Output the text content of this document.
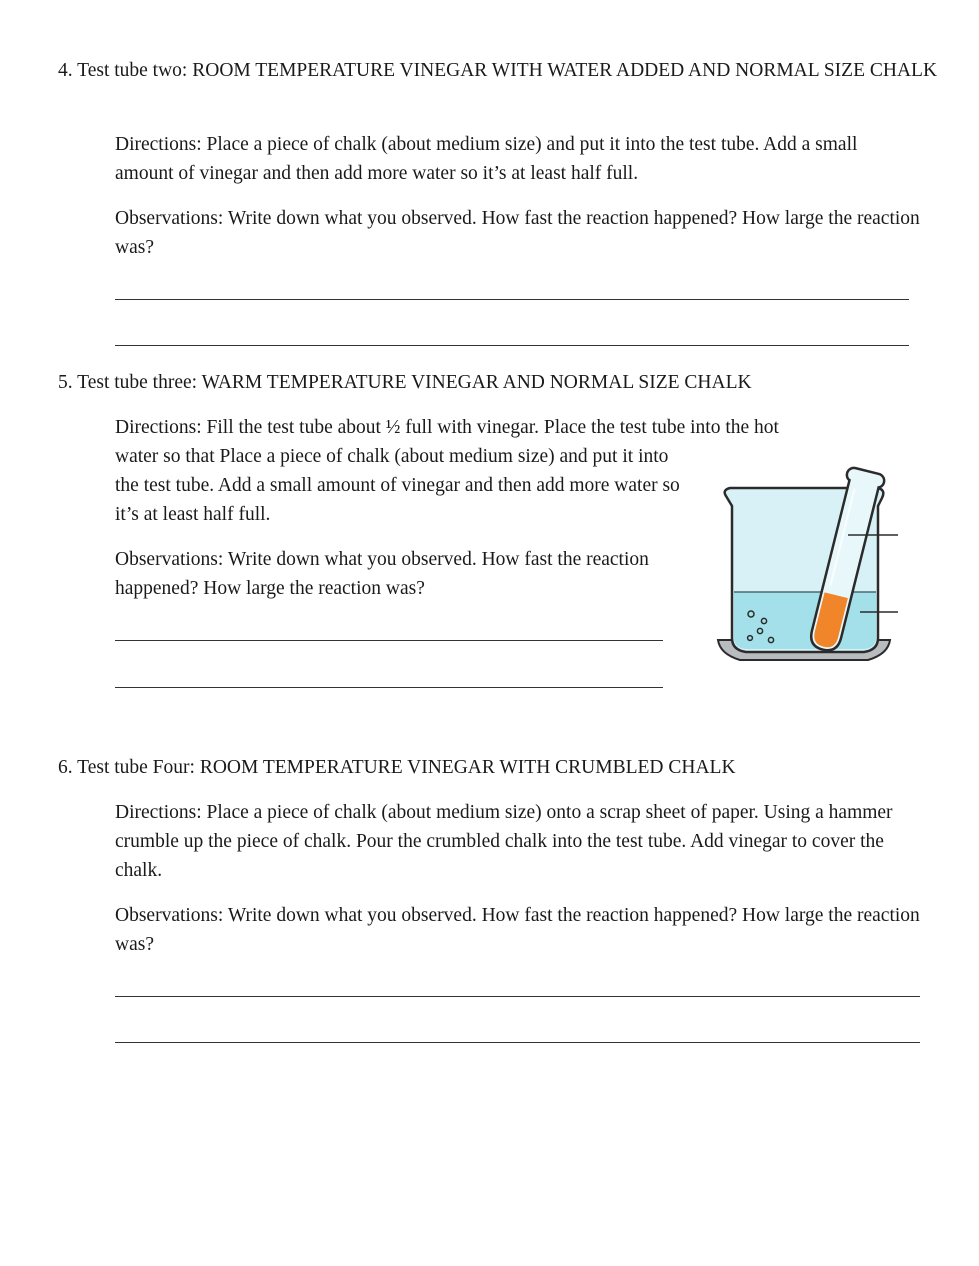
4. Test tube two: ROOM TEMPERATURE VINEGAR WITH WATER ADDED AND NORMAL SIZE CHALK

Directions: Place a piece of chalk (about medium size) and put it into the test tube. Add a small amount of vinegar and then add more water so it’s at least half full.

Observations: Write down what you observed. How fast the reaction happened? How large the reaction was?

5. Test tube three: WARM TEMPERATURE VINEGAR AND NORMAL SIZE CHALK

Directions: Fill the test tube about ½ full with vinegar. Place the test tube into the hot
water so that Place a piece of chalk (about medium size) and put it into the test tube. Add a small amount of vinegar and then add more water so it’s at least half full.

Observations: Write down what you observed. How fast the reaction happened? How large the reaction was?

6. Test tube Four: ROOM TEMPERATURE VINEGAR WITH CRUMBLED CHALK

Directions: Place a piece of chalk (about medium size) onto a scrap sheet of paper. Using a hammer crumble up the piece of chalk. Pour the crumbled chalk into the test tube. Add vinegar to cover the chalk.

Observations: Write down what you observed. How fast the reaction happened? How large the reaction was?
